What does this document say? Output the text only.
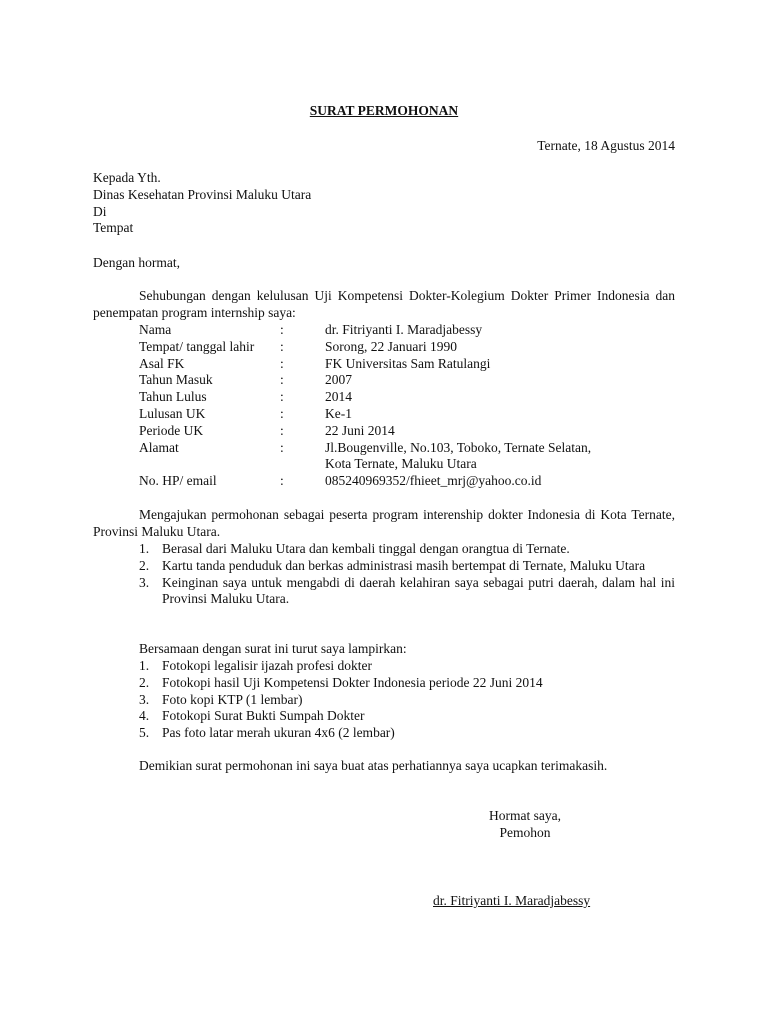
SURAT PERMOHONAN
Ternate, 18 Agustus 2014
Kepada Yth.
Dinas Kesehatan Provinsi Maluku Utara
Di
Tempat
Dengan hormat,
Sehubungan dengan kelulusan Uji Kompetensi Dokter-Kolegium Dokter Primer Indonesia dan penempatan program internship saya:
Nama	:	dr. Fitriyanti I. Maradjabessy
Tempat/ tanggal lahir	:	Sorong, 22 Januari 1990
Asal FK	:	FK Universitas Sam Ratulangi
Tahun Masuk	:	2007
Tahun Lulus	:	2014
Lulusan UK	:	Ke-1
Periode UK	:	22 Juni 2014
Alamat	:	Jl.Bougenville, No.103, Toboko, Ternate Selatan,
Kota Ternate, Maluku Utara
No. HP/ email	:	085240969352/fhieet_mrj@yahoo.co.id
Mengajukan permohonan sebagai peserta program interenship dokter Indonesia di Kota Ternate, Provinsi Maluku Utara.
1. Berasal dari Maluku Utara dan kembali tinggal dengan orangtua di Ternate.
2. Kartu tanda penduduk dan berkas administrasi masih bertempat di Ternate, Maluku Utara
3. Keinginan saya untuk mengabdi di daerah kelahiran saya sebagai putri daerah, dalam hal ini Provinsi Maluku Utara.
Bersamaan dengan surat ini turut saya lampirkan:
1. Fotokopi legalisir ijazah profesi dokter
2. Fotokopi hasil Uji Kompetensi Dokter Indonesia periode 22 Juni 2014
3. Foto kopi KTP (1 lembar)
4. Fotokopi Surat Bukti Sumpah Dokter
5. Pas foto latar merah ukuran 4x6 (2 lembar)
Demikian surat permohonan ini saya buat atas perhatiannya saya ucapkan terimakasih.
Hormat saya,
Pemohon
dr. Fitriyanti I. Maradjabessy
